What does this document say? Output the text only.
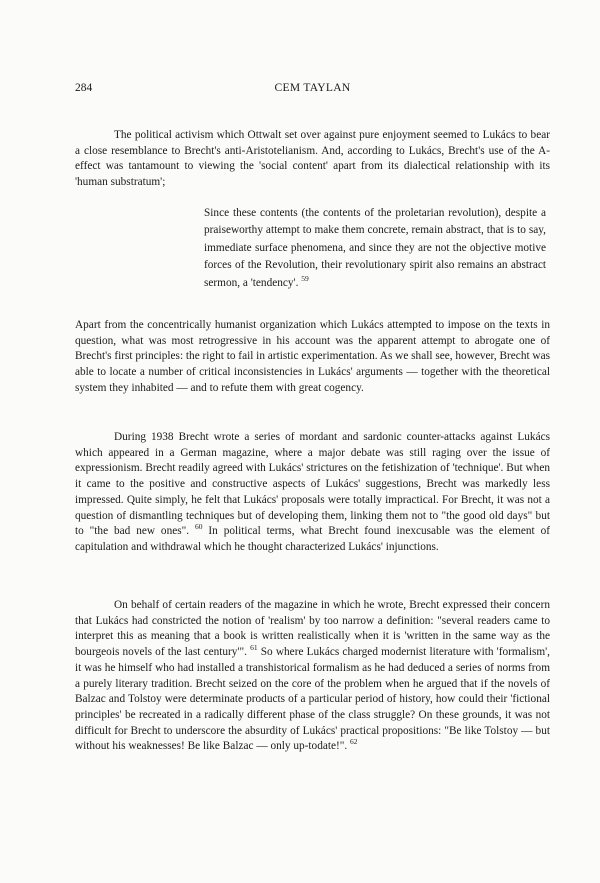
284	CEM TAYLAN

The political activism which Ottwalt set over against pure enjoyment seemed to Lukács to bear a close resemblance to Brecht's anti-Aristotelianism. And, according to Lukács, Brecht's use of the A-effect was tantamount to viewing the 'social content' apart from its dialectical relationship with its 'human substratum';

Since these contents (the contents of the proletarian revolution), despite a praiseworthy attempt to make them concrete, remain abstract, that is to say, immediate surface phenomena, and since they are not the objective motive forces of the Revolution, their revolutionary spirit also remains an abstract sermon, a 'tendency'. $^{59}$

Apart from the concentrically humanist organization which Lukács attempted to impose on the texts in question, what was most retrogressive in his account was the apparent attempt to abrogate one of Brecht's first principles: the right to fail in artistic experimentation. As we shall see, however, Brecht was able to locate a number of critical inconsistencies in Lukács' arguments — together with the theoretical system they inhabited — and to refute them with great cogency.

During 1938 Brecht wrote a series of mordant and sardonic counter-attacks against Lukács which appeared in a German magazine, where a major debate was still raging over the issue of expressionism. Brecht readily agreed with Lukács' strictures on the fetishization of 'technique'. But when it came to the positive and constructive aspects of Lukács' suggestions, Brecht was markedly less impressed. Quite simply, he felt that Lukács' proposals were totally impractical. For Brecht, it was not a question of dismantling techniques but of developing them, linking them not to "the good old days" but to "the bad new ones". $^{60}$ In political terms, what Brecht found inexcusable was the element of capitulation and withdrawal which he thought characterized Lukács' injunctions.

On behalf of certain readers of the magazine in which he wrote, Brecht expressed their concern that Lukács had constricted the notion of 'realism' by too narrow a definition: "several readers came to interpret this as meaning that a book is written realistically when it is 'written in the same way as the bourgeois novels of the last century'". $^{61}$ So where Lukács charged modernist literature with 'formalism', it was he himself who had installed a transhistorical formalism as he had deduced a series of norms from a purely literary tradition. Brecht seized on the core of the problem when he argued that if the novels of Balzac and Tolstoy were determinate products of a particular period of history, how could their 'fictional principles' be recreated in a radically different phase of the class struggle? On these grounds, it was not difficult for Brecht to underscore the absurdity of Lukács' practical propositions: "Be like Tolstoy — but without his weaknesses! Be like Balzac — only up-todate!". $^{62}$
